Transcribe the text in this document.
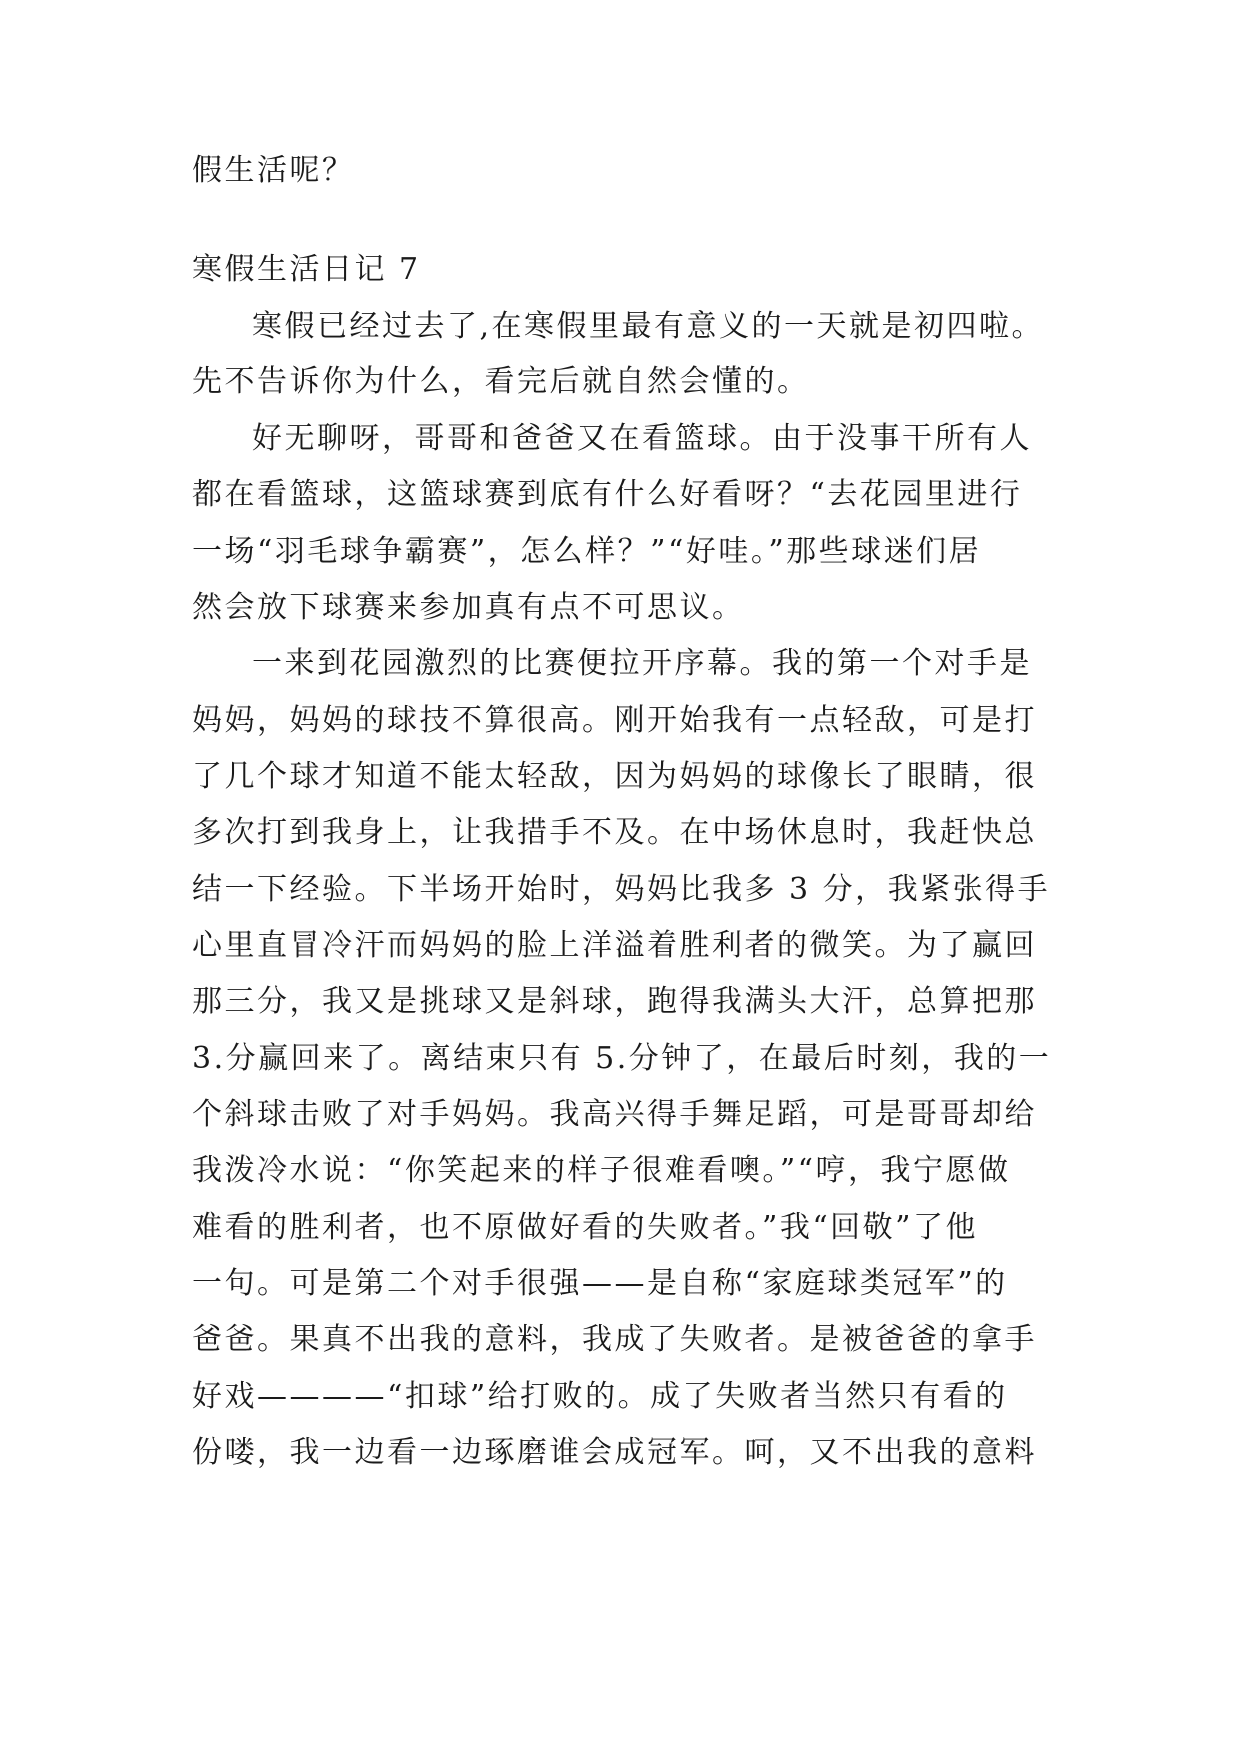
假生活呢？
寒假生活日记 7
寒假已经过去了,在寒假里最有意义的一天就是初四啦。
先不告诉你为什么，看完后就自然会懂的。
好无聊呀，哥哥和爸爸又在看篮球。由于没事干所有人
都在看篮球，这篮球赛到底有什么好看呀？“去花园里进行
一场“羽毛球争霸赛”，怎么样？”“好哇。”那些球迷们居
然会放下球赛来参加真有点不可思议。
一来到花园激烈的比赛便拉开序幕。我的第一个对手是
妈妈，妈妈的球技不算很高。刚开始我有一点轻敌，可是打
了几个球才知道不能太轻敌，因为妈妈的球像长了眼睛，很
多次打到我身上，让我措手不及。在中场休息时，我赶快总
结一下经验。下半场开始时，妈妈比我多 3 分，我紧张得手
心里直冒冷汗而妈妈的脸上洋溢着胜利者的微笑。为了赢回
那三分，我又是挑球又是斜球，跑得我满头大汗，总算把那
3.分赢回来了。离结束只有 5.分钟了，在最后时刻，我的一
个斜球击败了对手妈妈。我高兴得手舞足蹈，可是哥哥却给
我泼冷水说：“你笑起来的样子很难看噢。”“哼，我宁愿做
难看的胜利者，也不原做好看的失败者。”我“回敬”了他
一句。可是第二个对手很强——是自称“家庭球类冠军”的
爸爸。果真不出我的意料，我成了失败者。是被爸爸的拿手
好戏————“扣球”给打败的。成了失败者当然只有看的
份喽，我一边看一边琢磨谁会成冠军。呵，又不出我的意料
